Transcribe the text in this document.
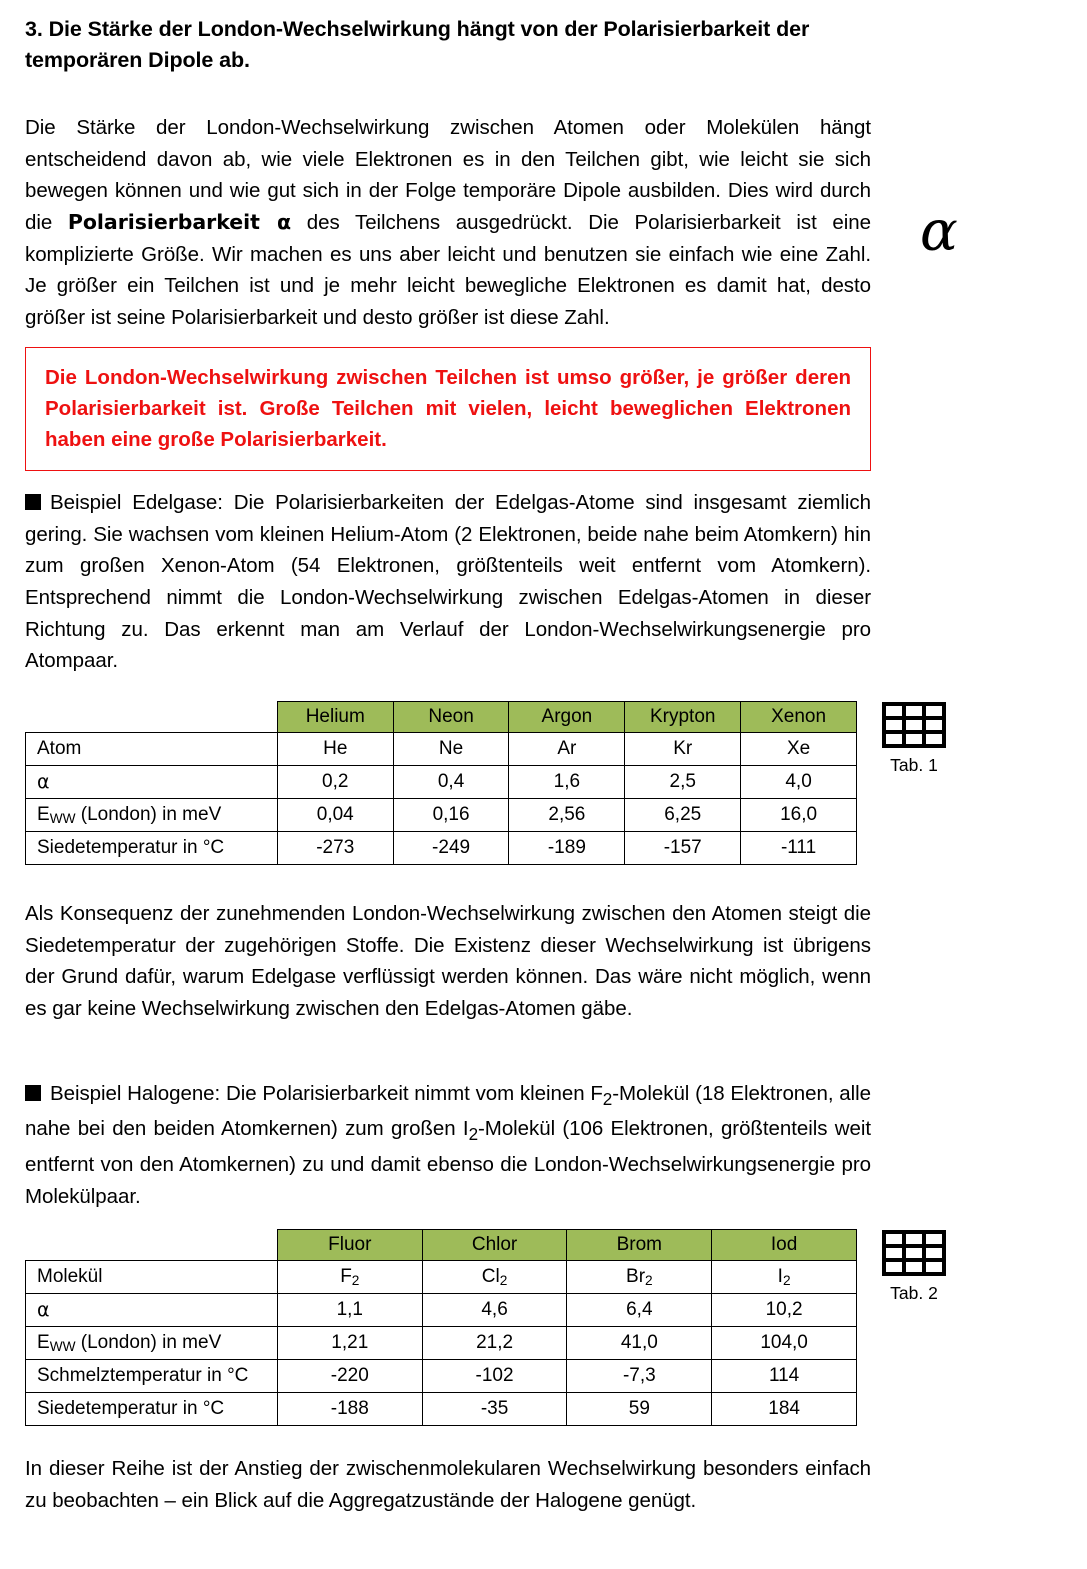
3. Die Stärke der London-Wechselwirkung hängt von der Polarisierbarkeit der temporären Dipole ab.
α
Die Stärke der London-Wechselwirkung zwischen Atomen oder Molekülen hängt entscheidend davon ab, wie viele Elektronen es in den Teilchen gibt, wie leicht sie sich bewegen können und wie gut sich in der Folge temporäre Dipole ausbilden. Dies wird durch die Polarisierbarkeit α des Teilchens ausgedrückt. Die Polarisierbarkeit ist eine komplizierte Größe. Wir machen es uns aber leicht und benutzen sie einfach wie eine Zahl. Je größer ein Teilchen ist und je mehr leicht bewegliche Elektronen es damit hat, desto größer ist seine Polarisierbarkeit und desto größer ist diese Zahl.

Die London-Wechselwirkung zwischen Teilchen ist umso größer, je größer deren Polarisierbarkeit ist. Große Teilchen mit vielen, leicht beweglichen Elektronen haben eine große Polarisierbarkeit.

Beispiel Edelgase: Die Polarisierbarkeiten der Edelgas-Atome sind insgesamt ziemlich gering. Sie wachsen vom kleinen Helium-Atom (2 Elektronen, beide nahe beim Atomkern) hin zum großen Xenon-Atom (54 Elektronen, größtenteils weit entfernt vom Atomkern). Entsprechend nimmt die London-Wechselwirkung zwischen Edelgas-Atomen in dieser Richtung zu. Das erkennt man am Verlauf der London-Wechselwirkungsenergie pro Atompaar.
	Helium	Neon	Argon	Krypton	Xenon
Atom	He	Ne	Ar	Kr	Xe
α	0,2	0,4	1,6	2,5	4,0
$E_{WW}$ (London) in meV	0,04	0,16	2,56	6,25	16,0
Siedetemperatur in °C	-273	-249	-189	-157	-111
Tab. 1
Als Konsequenz der zunehmenden London-Wechselwirkung zwischen den Atomen steigt die Siedetemperatur der zugehörigen Stoffe. Die Existenz dieser Wechselwirkung ist übrigens der Grund dafür, warum Edelgase verflüssigt werden können. Das wäre nicht möglich, wenn es gar keine Wechselwirkung zwischen den Edelgas-Atomen gäbe.
Beispiel Halogene: Die Polarisierbarkeit nimmt vom kleinen $F_2$-Molekül (18 Elektronen, alle nahe bei den beiden Atomkernen) zum großen $I_2$-Molekül (106 Elektronen, größtenteils weit entfernt von den Atomkernen) zu und damit ebenso die London-Wechselwirkungsenergie pro Molekülpaar.
	Fluor	Chlor	Brom	Iod
Molekül	$F_2$	$Cl_2$	$Br_2$	$I_2$
α	1,1	4,6	6,4	10,2
$E_{WW}$ (London) in meV	1,21	21,2	41,0	104,0
Schmelztemperatur in °C	-220	-102	-7,3	114
Siedetemperatur in °C	-188	-35	59	184
Tab. 2
In dieser Reihe ist der Anstieg der zwischenmolekularen Wechselwirkung besonders einfach zu beobachten – ein Blick auf die Aggregatzustände der Halogene genügt.
